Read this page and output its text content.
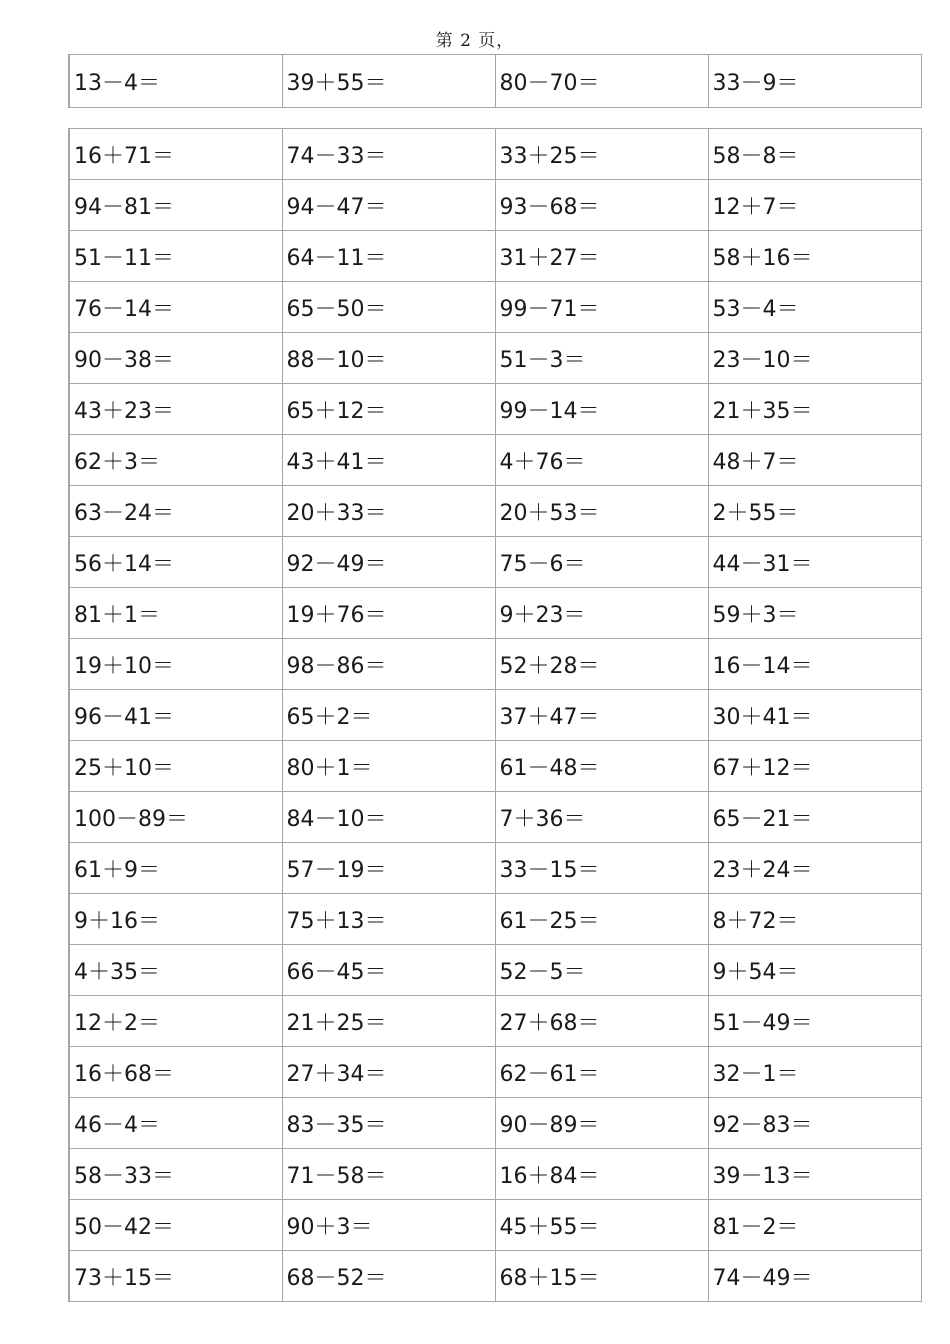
第 2 页，
13－4＝	39＋55＝	80－70＝	33－9＝
16＋71＝	74－33＝	33＋25＝	58－8＝
94－81＝	94－47＝	93－68＝	12＋7＝
51－11＝	64－11＝	31＋27＝	58＋16＝
76－14＝	65－50＝	99－71＝	53－4＝
90－38＝	88－10＝	51－3＝	23－10＝
43＋23＝	65＋12＝	99－14＝	21＋35＝
62＋3＝	43＋41＝	4＋76＝	48＋7＝
63－24＝	20＋33＝	20＋53＝	2＋55＝
56＋14＝	92－49＝	75－6＝	44－31＝
81＋1＝	19＋76＝	9＋23＝	59＋3＝
19＋10＝	98－86＝	52＋28＝	16－14＝
96－41＝	65＋2＝	37＋47＝	30＋41＝
25＋10＝	80＋1＝	61－48＝	67＋12＝
100－89＝	84－10＝	7＋36＝	65－21＝
61＋9＝	57－19＝	33－15＝	23＋24＝
9＋16＝	75＋13＝	61－25＝	8＋72＝
4＋35＝	66－45＝	52－5＝	9＋54＝
12＋2＝	21＋25＝	27＋68＝	51－49＝
16＋68＝	27＋34＝	62－61＝	32－1＝
46－4＝	83－35＝	90－89＝	92－83＝
58－33＝	71－58＝	16＋84＝	39－13＝
50－42＝	90＋3＝	45＋55＝	81－2＝
73＋15＝	68－52＝	68＋15＝	74－49＝
